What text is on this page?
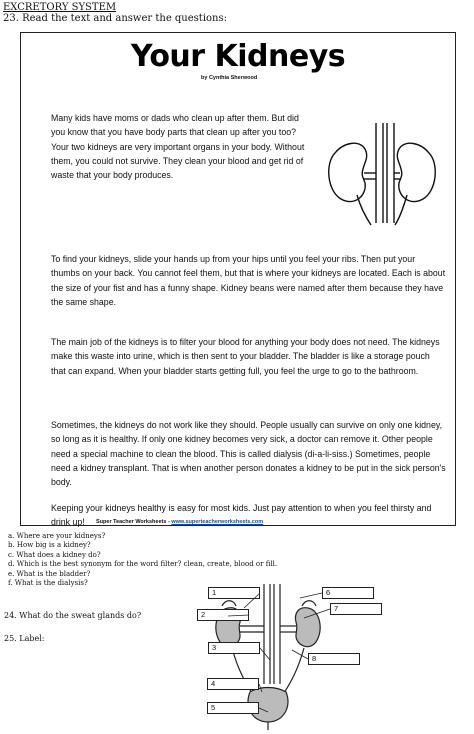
EXCRETORY SYSTEM
23. Read the text and answer the questions:
Your Kidneys
by Cynthia Sherwood
Many kids have moms or dads who clean up after them. But did you know that you have body parts that clean up after you too? Your two kidneys are very important organs in your body. Without them, you could not survive. They clean your blood and get rid of waste that your body produces.
To find your kidneys, slide your hands up from your hips until you feel your ribs. Then put your thumbs on your back. You cannot feel them, but that is where your kidneys are located. Each is about the size of your fist and has a funny shape. Kidney beans were named after them because they have the same shape.
The main job of the kidneys is to filter your blood for anything your body does not need. The kidneys make this waste into urine, which is then sent to your bladder. The bladder is like a storage pouch that can expand. When your bladder starts getting full, you feel the urge to go to the bathroom.
Sometimes, the kidneys do not work like they should. People usually can survive on only one kidney, so long as it is healthy. If only one kidney becomes very sick, a doctor can remove it. Other people need a special machine to clean the blood. This is called dialysis (di-a-li-siss.) Sometimes, people need a kidney transplant. That is when another person donates a kidney to be put in the sick person's body.
Keeping your kidneys healthy is easy for most kids. Just pay attention to when you feel thirsty and drink up!	Super Teacher Worksheets - www.superteacherworksheets.com
a. Where are your kidneys?
b. How big is a kidney?
c. What does a kidney do?
d. Which is the best synonym for the word filter? clean, create, blood or fill.
e. What is the bladder?
f. What is the dialysis?
24. What do the sweat glands do?
25. Label:
1
2
3
4
5
6
7
8
